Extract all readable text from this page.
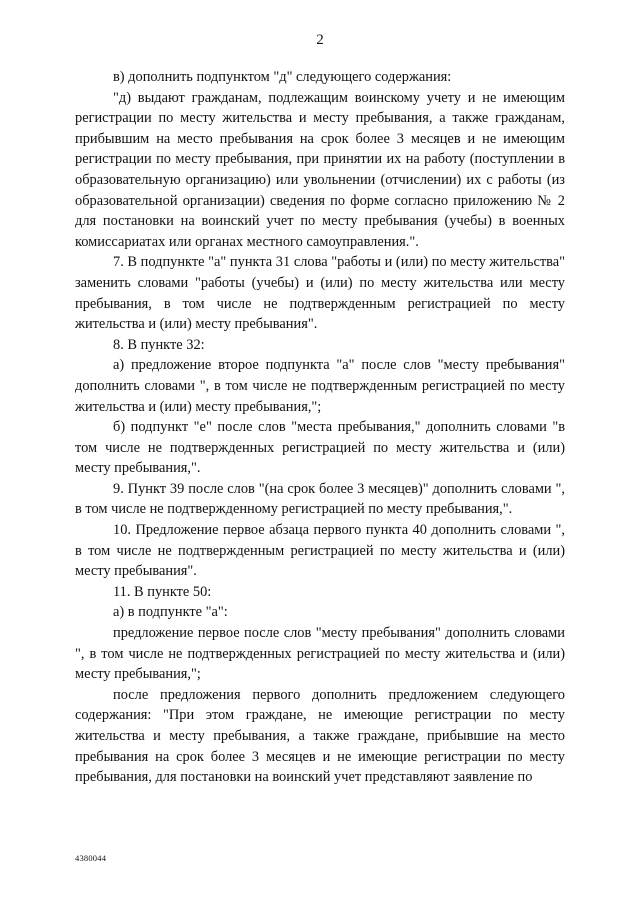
2

в) дополнить подпунктом "д" следующего содержания:

"д) выдают гражданам, подлежащим воинскому учету и не имеющим регистрации по месту жительства и месту пребывания, а также гражданам, прибывшим на место пребывания на срок более 3 месяцев и не имеющим регистрации по месту пребывания, при принятии их на работу (поступлении в образовательную организацию) или увольнении (отчислении) их с работы (из образовательной организации) сведения по форме согласно приложению № 2 для постановки на воинский учет по месту пребывания (учебы) в военных комиссариатах или органах местного самоуправления.".

7. В подпункте "а" пункта 31 слова "работы и (или) по месту жительства" заменить словами "работы (учебы) и (или) по месту жительства или месту пребывания, в том числе не подтвержденным регистрацией по месту жительства и (или) месту пребывания".

8. В пункте 32:

а) предложение второе подпункта "а" после слов "месту пребывания" дополнить словами ", в том числе не подтвержденным регистрацией по месту жительства и (или) месту пребывания,";

б) подпункт "е" после слов "места пребывания," дополнить словами "в том числе не подтвержденных регистрацией по месту жительства и (или) месту пребывания,".

9. Пункт 39 после слов "(на срок более 3 месяцев)" дополнить словами ", в том числе не подтвержденному регистрацией по месту пребывания,".

10. Предложение первое абзаца первого пункта 40 дополнить словами ", в том числе не подтвержденным регистрацией по месту жительства и (или) месту пребывания".

11. В пункте 50:

а) в подпункте "а":

предложение первое после слов "месту пребывания" дополнить словами ", в том числе не подтвержденных регистрацией по месту жительства и (или) месту пребывания,";

после предложения первого дополнить предложением следующего содержания: "При этом граждане, не имеющие регистрации по месту жительства и месту пребывания, а также граждане, прибывшие на место пребывания на срок более 3 месяцев и не имеющие регистрации по месту пребывания, для постановки на воинский учет представляют заявление по

4380044
